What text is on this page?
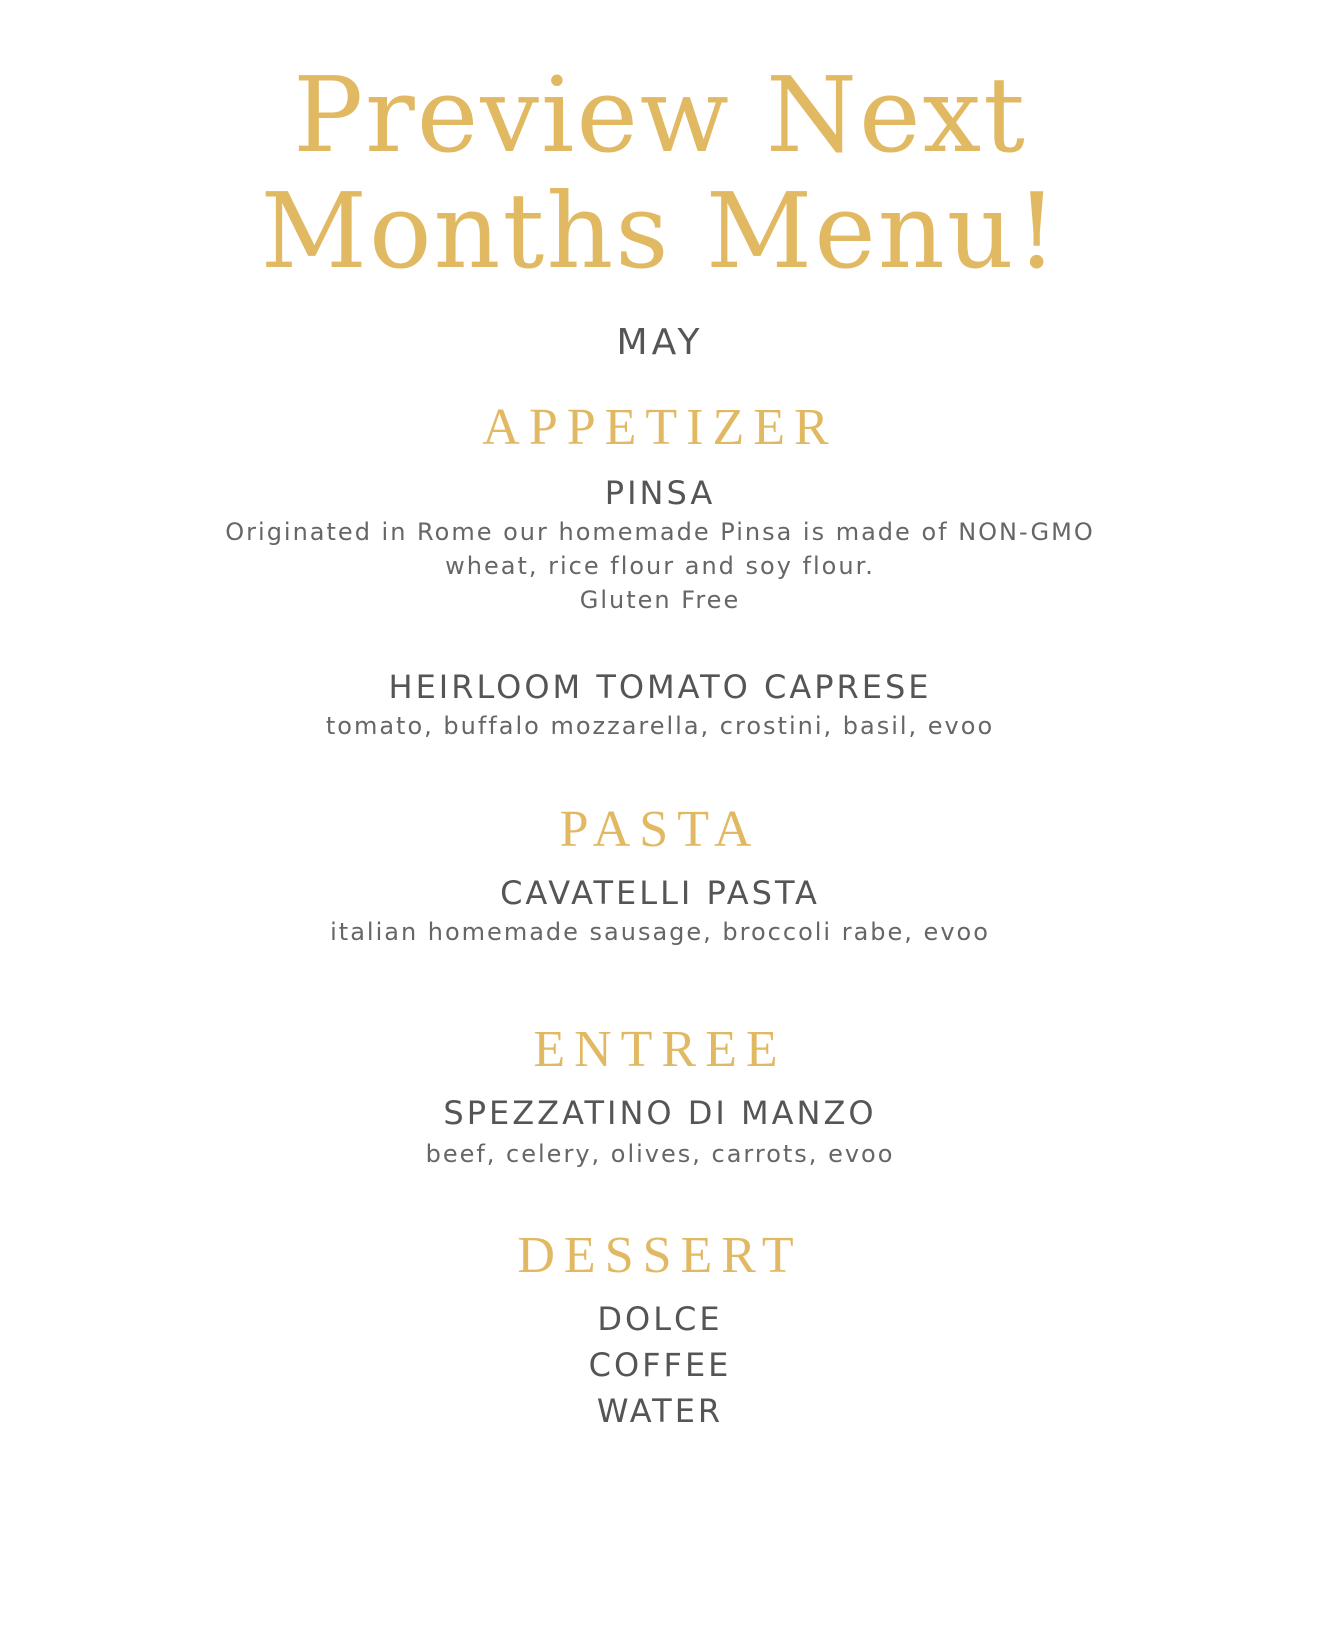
Preview Next
Months Menu!
MAY
APPETIZER
PINSA
Originated in Rome our homemade Pinsa is made of NON-GMO
wheat, rice flour and soy flour.
Gluten Free
HEIRLOOM TOMATO CAPRESE
tomato, buffalo mozzarella, crostini, basil, evoo
PASTA
CAVATELLI PASTA
italian homemade sausage, broccoli rabe, evoo
ENTREE
SPEZZATINO DI MANZO
beef, celery, olives, carrots, evoo
DESSERT
DOLCE
COFFEE
WATER
